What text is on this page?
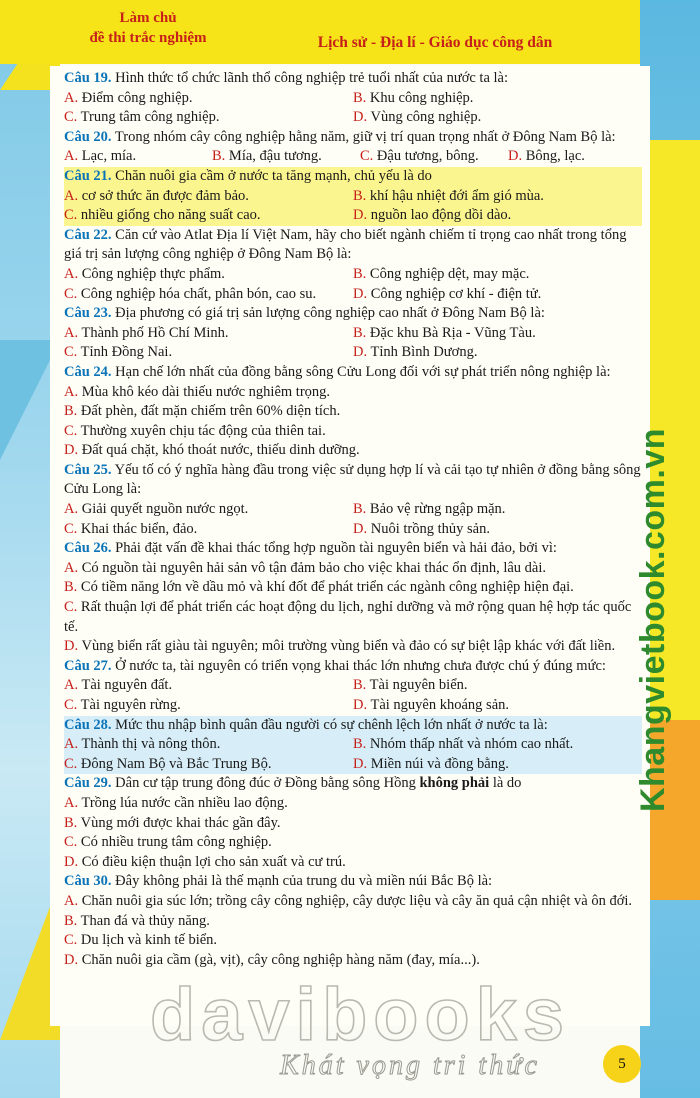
Làm chủ
đề thi trắc nghiệm	Lịch sử - Địa lí - Giáo dục công dân
Câu 19. Hình thức tổ chức lãnh thổ công nghiệp trẻ tuổi nhất của nước ta là:
A. Điểm công nghiệp.	B. Khu công nghiệp.
C. Trung tâm công nghiệp.	D. Vùng công nghiệp.
Câu 20. Trong nhóm cây công nghiệp hằng năm, giữ vị trí quan trọng nhất ở Đông Nam Bộ là:
A. Lạc, mía.	B. Mía, đậu tương.	C. Đậu tương, bông.	D. Bông, lạc.
Câu 21. Chăn nuôi gia cầm ở nước ta tăng mạnh, chủ yếu là do
A. cơ sở thức ăn được đảm bảo.	B. khí hậu nhiệt đới ẩm gió mùa.
C. nhiều giống cho năng suất cao.	D. nguồn lao động dồi dào.
Câu 22. Căn cứ vào Atlat Địa lí Việt Nam, hãy cho biết ngành chiếm tỉ trọng cao nhất trong tổng giá trị sản lượng công nghiệp ở Đông Nam Bộ là:
A. Công nghiệp thực phẩm.	B. Công nghiệp dệt, may mặc.
C. Công nghiệp hóa chất, phân bón, cao su.	D. Công nghiệp cơ khí - điện tử.
Câu 23. Địa phương có giá trị sản lượng công nghiệp cao nhất ở Đông Nam Bộ là:
A. Thành phố Hồ Chí Minh.	B. Đặc khu Bà Rịa - Vũng Tàu.
C. Tỉnh Đồng Nai.	D. Tỉnh Bình Dương.
Câu 24. Hạn chế lớn nhất của đồng bằng sông Cửu Long đối với sự phát triển nông nghiệp là:
A. Mùa khô kéo dài thiếu nước nghiêm trọng.
B. Đất phèn, đất mặn chiếm trên 60% diện tích.
C. Thường xuyên chịu tác động của thiên tai.
D. Đất quá chặt, khó thoát nước, thiếu dinh dưỡng.
Câu 25. Yếu tố có ý nghĩa hàng đầu trong việc sử dụng hợp lí và cải tạo tự nhiên ở đồng bằng sông Cửu Long là:
A. Giải quyết nguồn nước ngọt.	B. Bảo vệ rừng ngập mặn.
C. Khai thác biển, đảo.	D. Nuôi trồng thủy sản.
Câu 26. Phải đặt vấn đề khai thác tổng hợp nguồn tài nguyên biển và hải đảo, bởi vì:
A. Có nguồn tài nguyên hải sản vô tận đảm bảo cho việc khai thác ổn định, lâu dài.
B. Có tiềm năng lớn về dầu mỏ và khí đốt để phát triển các ngành công nghiệp hiện đại.
C. Rất thuận lợi để phát triển các hoạt động du lịch, nghỉ dưỡng và mở rộng quan hệ hợp tác quốc tế.
D. Vùng biển rất giàu tài nguyên; môi trường vùng biển và đảo có sự biệt lập khác với đất liền.
Câu 27. Ở nước ta, tài nguyên có triển vọng khai thác lớn nhưng chưa được chú ý đúng mức:
A. Tài nguyên đất.	B. Tài nguyên biển.
C. Tài nguyên rừng.	D. Tài nguyên khoáng sản.
Câu 28. Mức thu nhập bình quân đầu người có sự chênh lệch lớn nhất ở nước ta là:
A. Thành thị và nông thôn.	B. Nhóm thấp nhất và nhóm cao nhất.
C. Đông Nam Bộ và Bắc Trung Bộ.	D. Miền núi và đồng bằng.
Câu 29. Dân cư tập trung đông đúc ở Đồng bằng sông Hồng không phải là do
A. Trồng lúa nước cần nhiều lao động.
B. Vùng mới được khai thác gần đây.
C. Có nhiều trung tâm công nghiệp.
D. Có điều kiện thuận lợi cho sản xuất và cư trú.
Câu 30. Đây không phải là thế mạnh của trung du và miền núi Bắc Bộ là:
A. Chăn nuôi gia súc lớn; trồng cây công nghiệp, cây dược liệu và cây ăn quả cận nhiệt và ôn đới.
B. Than đá và thủy năng.
C. Du lịch và kinh tế biển.
D. Chăn nuôi gia cầm (gà, vịt), cây công nghiệp hàng năm (đay, mía...).
Khangvietbook.com.vn
davibooks
Khát vọng tri thức	5
